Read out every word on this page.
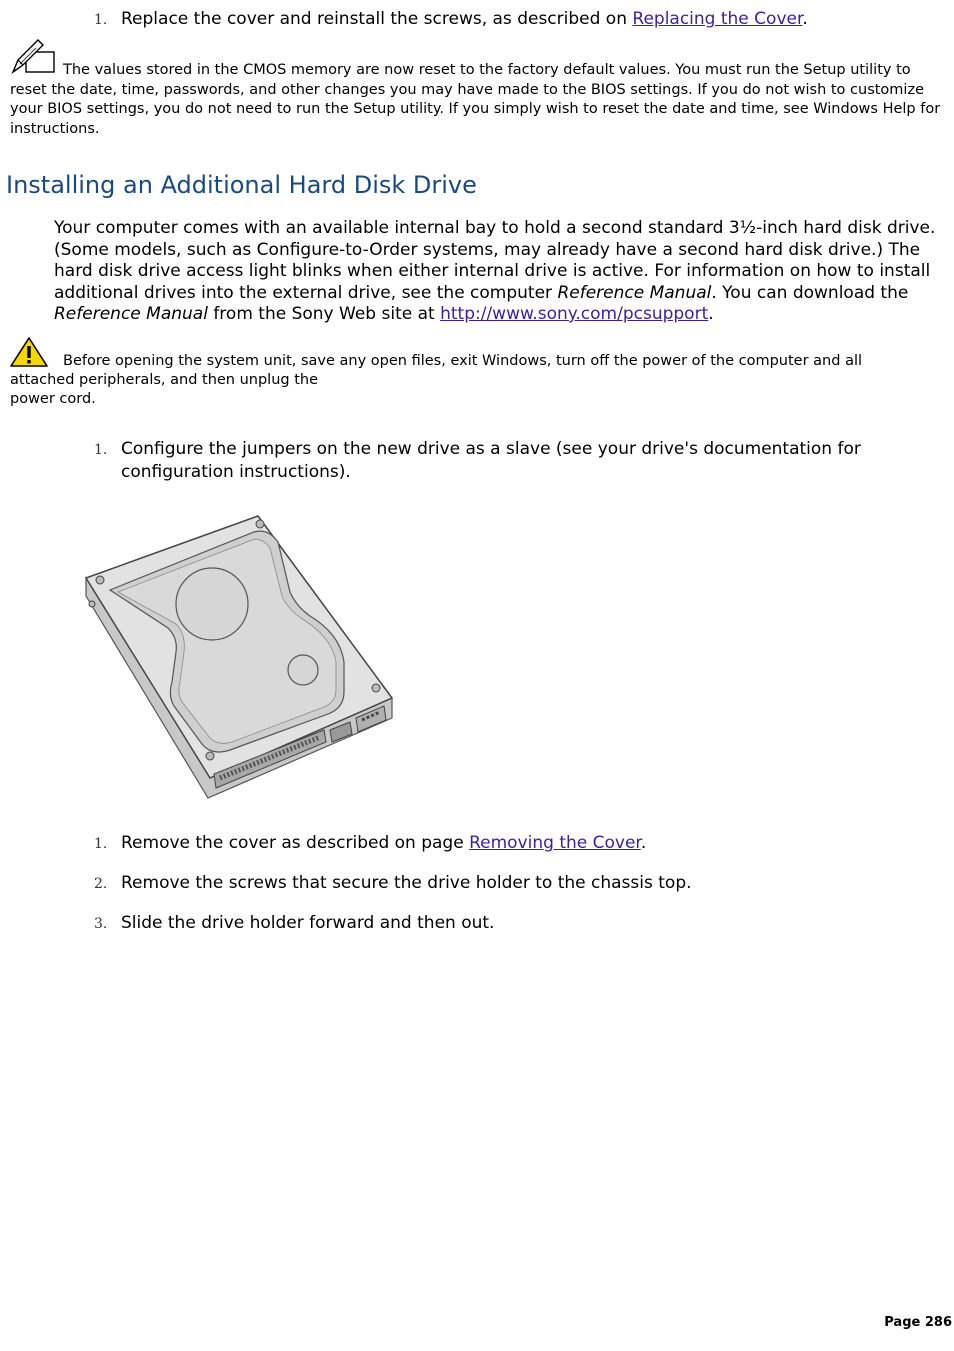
1. Replace the cover and reinstall the screws, as described on Replacing the Cover.
The values stored in the CMOS memory are now reset to the factory default values. You must run the Setup utility to reset the date, time, passwords, and other changes you may have made to the BIOS settings. If you do not wish to customize your BIOS settings, you do not need to run the Setup utility. If you simply wish to reset the date and time, see Windows Help for instructions.
Installing an Additional Hard Disk Drive
Your computer comes with an available internal bay to hold a second standard 3½-inch hard disk drive. (Some models, such as Configure-to-Order systems, may already have a second hard disk drive.) The hard disk drive access light blinks when either internal drive is active. For information on how to install additional drives into the external drive, see the computer Reference Manual. You can download the Reference Manual from the Sony Web site at http://www.sony.com/pcsupport.
Before opening the system unit, save any open files, exit Windows, turn off the power of the computer and all
attached peripherals, and then unplug the
power cord.
1. Configure the jumpers on the new drive as a slave (see your drive's documentation for configuration instructions).
1. Remove the cover as described on page Removing the Cover.
2. Remove the screws that secure the drive holder to the chassis top.
3. Slide the drive holder forward and then out.
Page 286
